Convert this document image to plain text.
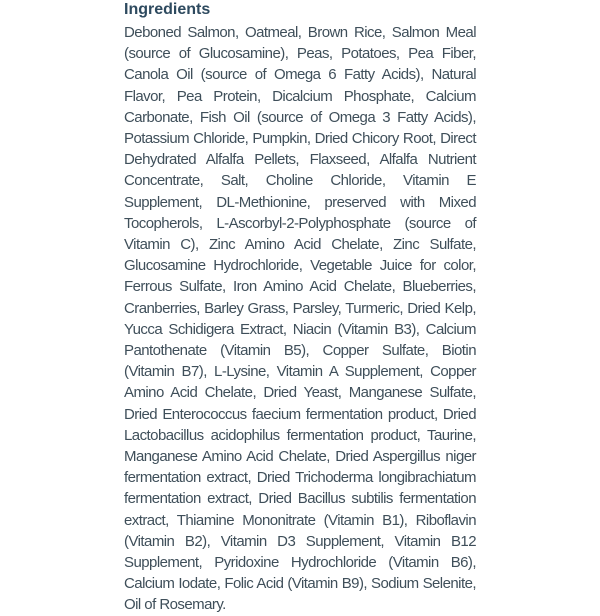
Ingredients

Deboned Salmon, Oatmeal, Brown Rice, Salmon Meal (source of Glucosamine), Peas, Potatoes, Pea Fiber, Canola Oil (source of Omega 6 Fatty Acids), Natural Flavor, Pea Protein, Dicalcium Phosphate, Calcium Carbonate, Fish Oil (source of Omega 3 Fatty Acids), Potassium Chloride, Pumpkin, Dried Chicory Root, Direct Dehydrated Alfalfa Pellets, Flaxseed, Alfalfa Nutrient Concentrate, Salt, Choline Chloride, Vitamin E Supplement, DL-Methionine, preserved with Mixed Tocopherols, L-Ascorbyl-2-Polyphosphate (source of Vitamin C), Zinc Amino Acid Chelate, Zinc Sulfate, Glucosamine Hydrochloride, Vegetable Juice for color, Ferrous Sulfate, Iron Amino Acid Chelate, Blueberries, Cranberries, Barley Grass, Parsley, Turmeric, Dried Kelp, Yucca Schidigera Extract, Niacin (Vitamin B3), Calcium Pantothenate (Vitamin B5), Copper Sulfate, Biotin (Vitamin B7), L-Lysine, Vitamin A Supplement, Copper Amino Acid Chelate, Dried Yeast, Manganese Sulfate, Dried Enterococcus faecium fermentation product, Dried Lactobacillus acidophilus fermentation product, Taurine, Manganese Amino Acid Chelate, Dried Aspergillus niger fermentation extract, Dried Trichoderma longibrachiatum fermentation extract, Dried Bacillus subtilis fermentation extract, Thiamine Mononitrate (Vitamin B1), Riboflavin (Vitamin B2), Vitamin D3 Supplement, Vitamin B12 Supplement, Pyridoxine Hydrochloride (Vitamin B6), Calcium Iodate, Folic Acid (Vitamin B9), Sodium Selenite, Oil of Rosemary.
